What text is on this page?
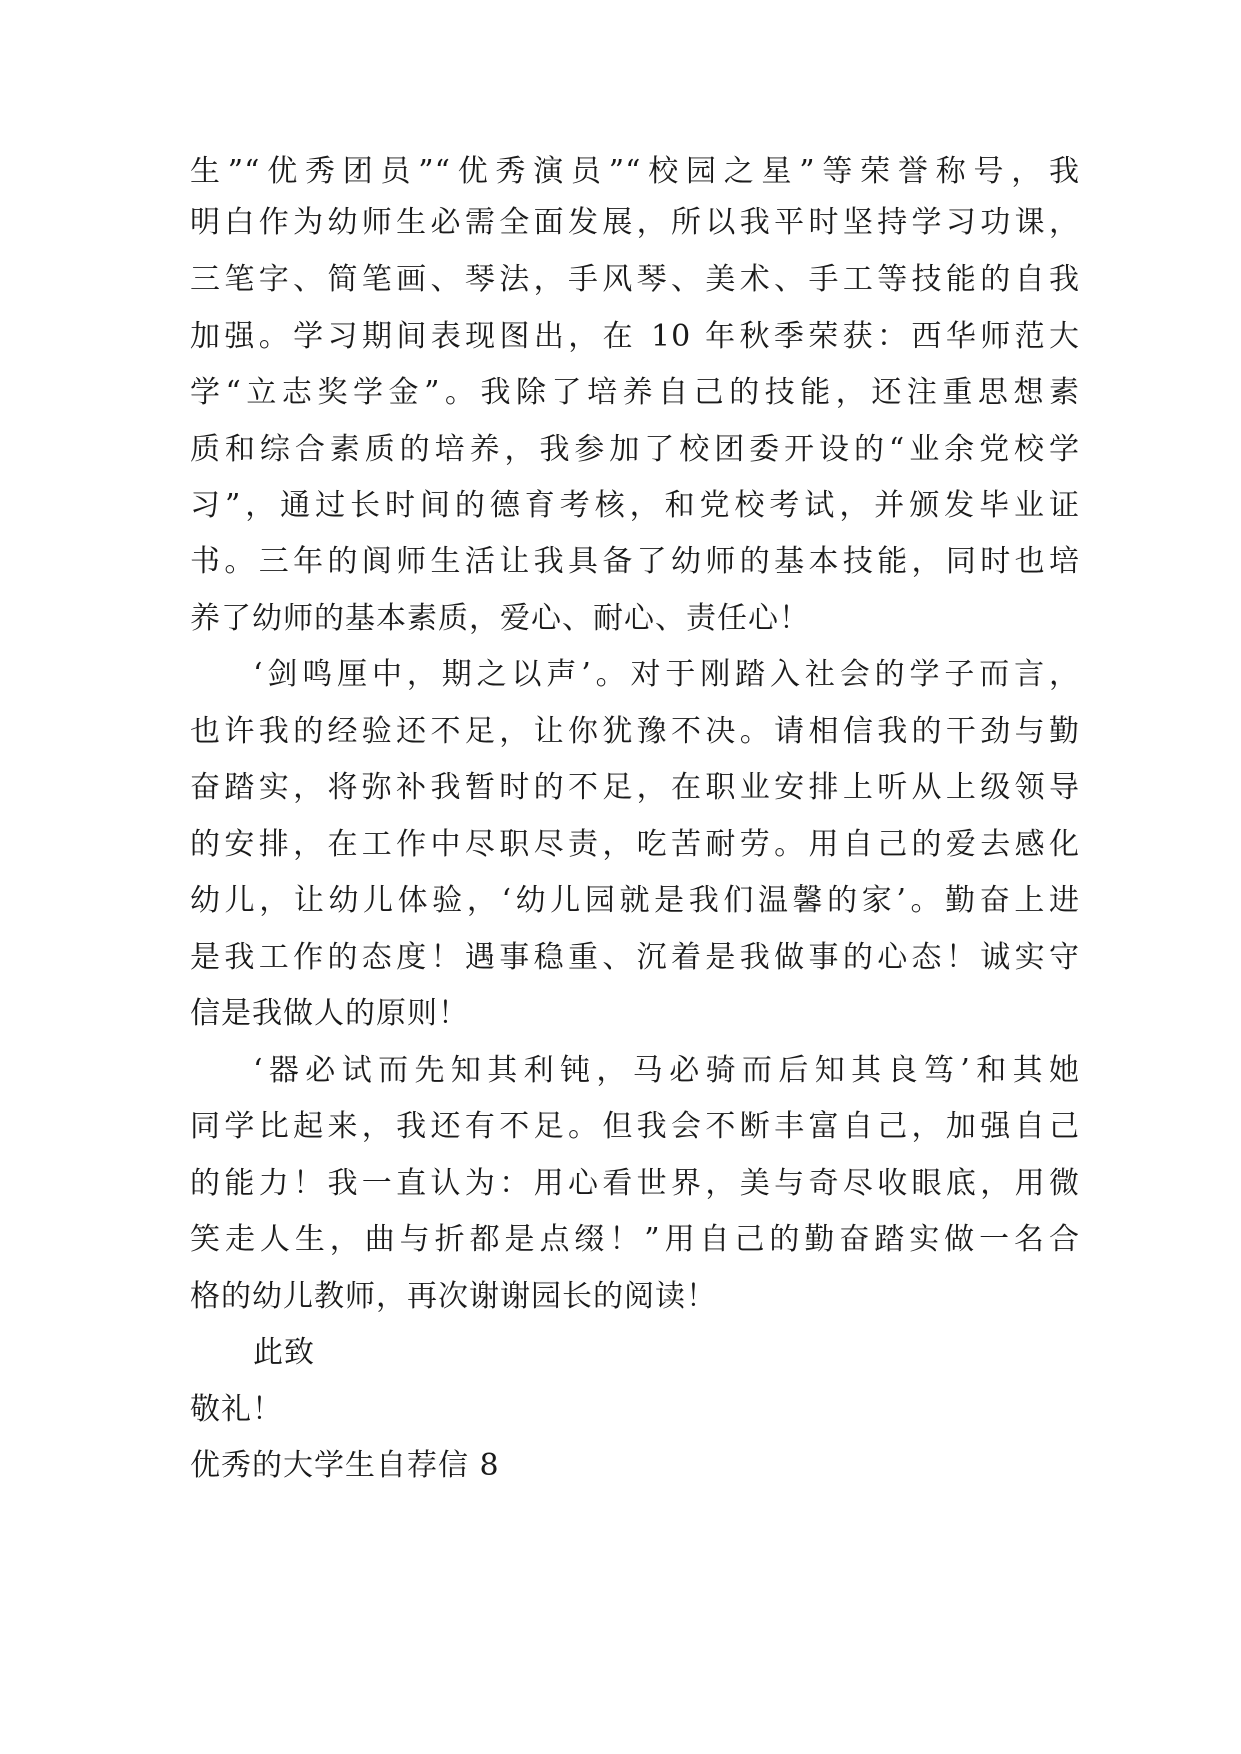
生”“优秀团员”“优秀演员”“校园之星”等荣誉称号，我
明白作为幼师生必需全面发展，所以我平时坚持学习功课，
三笔字、简笔画、琴法，手风琴、美术、手工等技能的自我
加强。学习期间表现图出，在 10 年秋季荣获：西华师范大
学“立志奖学金”。我除了培养自己的技能，还注重思想素
质和综合素质的培养，我参加了校团委开设的“业余党校学
习”，通过长时间的德育考核，和党校考试，并颁发毕业证
书。三年的阆师生活让我具备了幼师的基本技能，同时也培
养了幼师的基本素质，爱心、耐心、责任心！
‘剑鸣厘中，期之以声’。对于刚踏入社会的学子而言，
也许我的经验还不足，让你犹豫不决。请相信我的干劲与勤
奋踏实，将弥补我暂时的不足，在职业安排上听从上级领导
的安排，在工作中尽职尽责，吃苦耐劳。用自己的爱去感化
幼儿，让幼儿体验，‘幼儿园就是我们温馨的家’。勤奋上进
是我工作的态度！遇事稳重、沉着是我做事的心态！诚实守
信是我做人的原则！
‘器必试而先知其利钝，马必骑而后知其良笃’和其她
同学比起来，我还有不足。但我会不断丰富自己，加强自己
的能力！我一直认为：用心看世界，美与奇尽收眼底，用微
笑走人生，曲与折都是点缀！”用自己的勤奋踏实做一名合
格的幼儿教师，再次谢谢园长的阅读！
此致
敬礼！
优秀的大学生自荐信 8
